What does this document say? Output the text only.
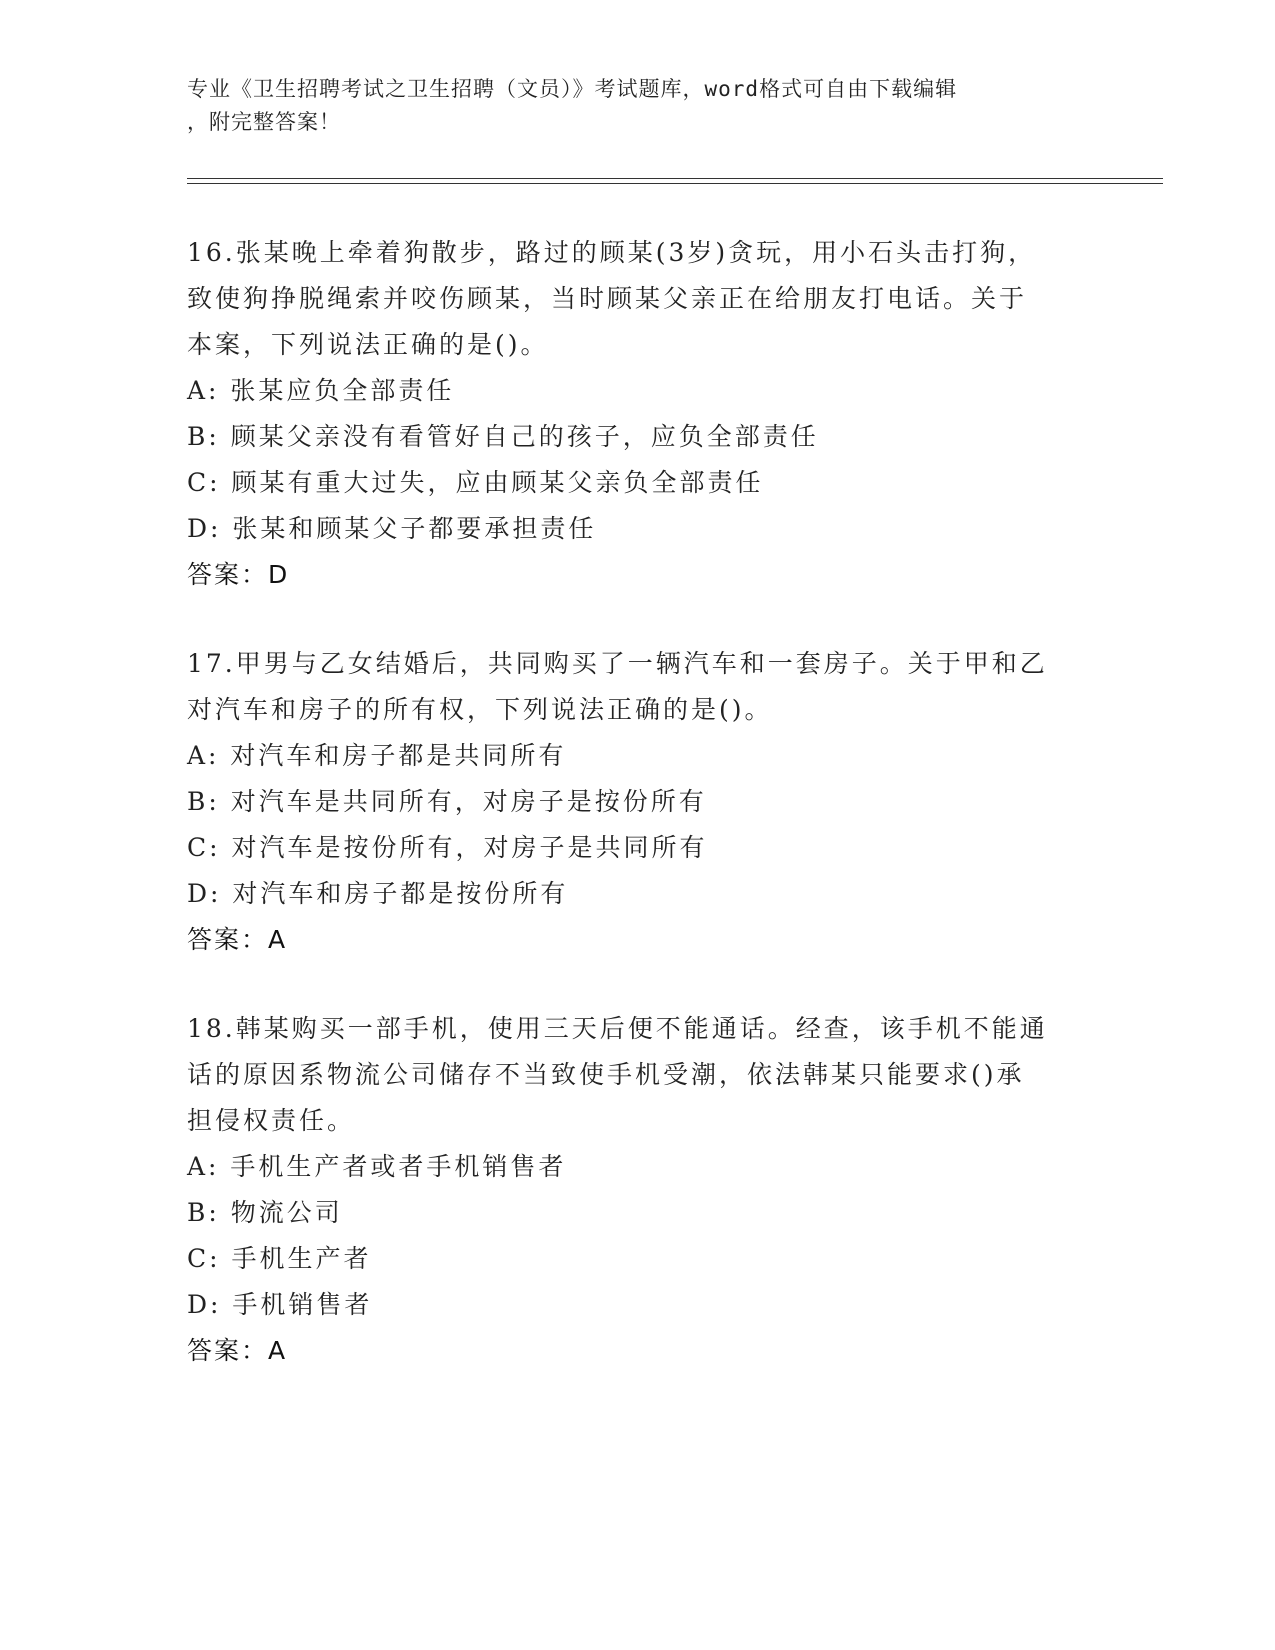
专业《卫生招聘考试之卫生招聘（文员）》考试题库，word格式可自由下载编辑
，附完整答案！
16.张某晚上牵着狗散步，路过的顾某(3岁)贪玩，用小石头击打狗，
致使狗挣脱绳索并咬伤顾某，当时顾某父亲正在给朋友打电话。关于
本案，下列说法正确的是()。
A: 张某应负全部责任
B: 顾某父亲没有看管好自己的孩子，应负全部责任
C: 顾某有重大过失，应由顾某父亲负全部责任
D: 张某和顾某父子都要承担责任
答案：D
17.甲男与乙女结婚后，共同购买了一辆汽车和一套房子。关于甲和乙
对汽车和房子的所有权，下列说法正确的是()。
A: 对汽车和房子都是共同所有
B: 对汽车是共同所有，对房子是按份所有
C: 对汽车是按份所有，对房子是共同所有
D: 对汽车和房子都是按份所有
答案：A
18.韩某购买一部手机，使用三天后便不能通话。经查，该手机不能通
话的原因系物流公司储存不当致使手机受潮，依法韩某只能要求()承
担侵权责任。
A: 手机生产者或者手机销售者
B: 物流公司
C: 手机生产者
D: 手机销售者
答案：A
